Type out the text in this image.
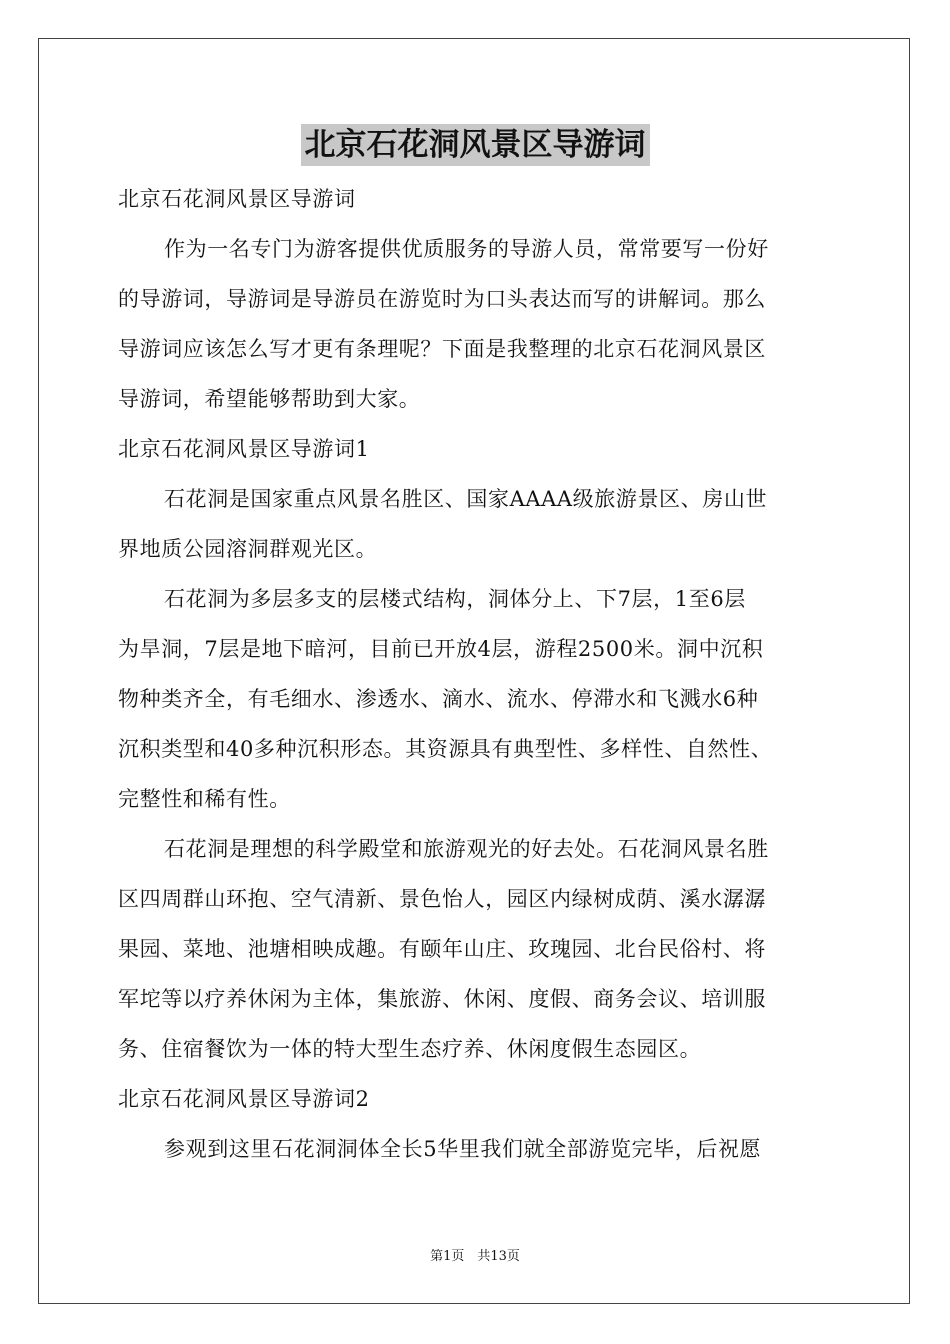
北京石花洞风景区导游词
北京石花洞风景区导游词
作为一名专门为游客提供优质服务的导游人员，常常要写一份好
的导游词，导游词是导游员在游览时为口头表达而写的讲解词。那么
导游词应该怎么写才更有条理呢？下面是我整理的北京石花洞风景区
导游词，希望能够帮助到大家。
北京石花洞风景区导游词1
石花洞是国家重点风景名胜区、国家AAAA级旅游景区、房山世
界地质公园溶洞群观光区。
石花洞为多层多支的层楼式结构，洞体分上、下7层，1至6层
为旱洞，7层是地下暗河，目前已开放4层，游程2500米。洞中沉积
物种类齐全，有毛细水、渗透水、滴水、流水、停滞水和飞溅水6种
沉积类型和40多种沉积形态。其资源具有典型性、多样性、自然性、
完整性和稀有性。
石花洞是理想的科学殿堂和旅游观光的好去处。石花洞风景名胜
区四周群山环抱、空气清新、景色怡人，园区内绿树成荫、溪水潺潺
果园、菜地、池塘相映成趣。有颐年山庄、玫瑰园、北台民俗村、将
军坨等以疗养休闲为主体，集旅游、休闲、度假、商务会议、培训服
务、住宿餐饮为一体的特大型生态疗养、休闲度假生态园区。
北京石花洞风景区导游词2
参观到这里石花洞洞体全长5华里我们就全部游览完毕，后祝愿
第1页　共13页
